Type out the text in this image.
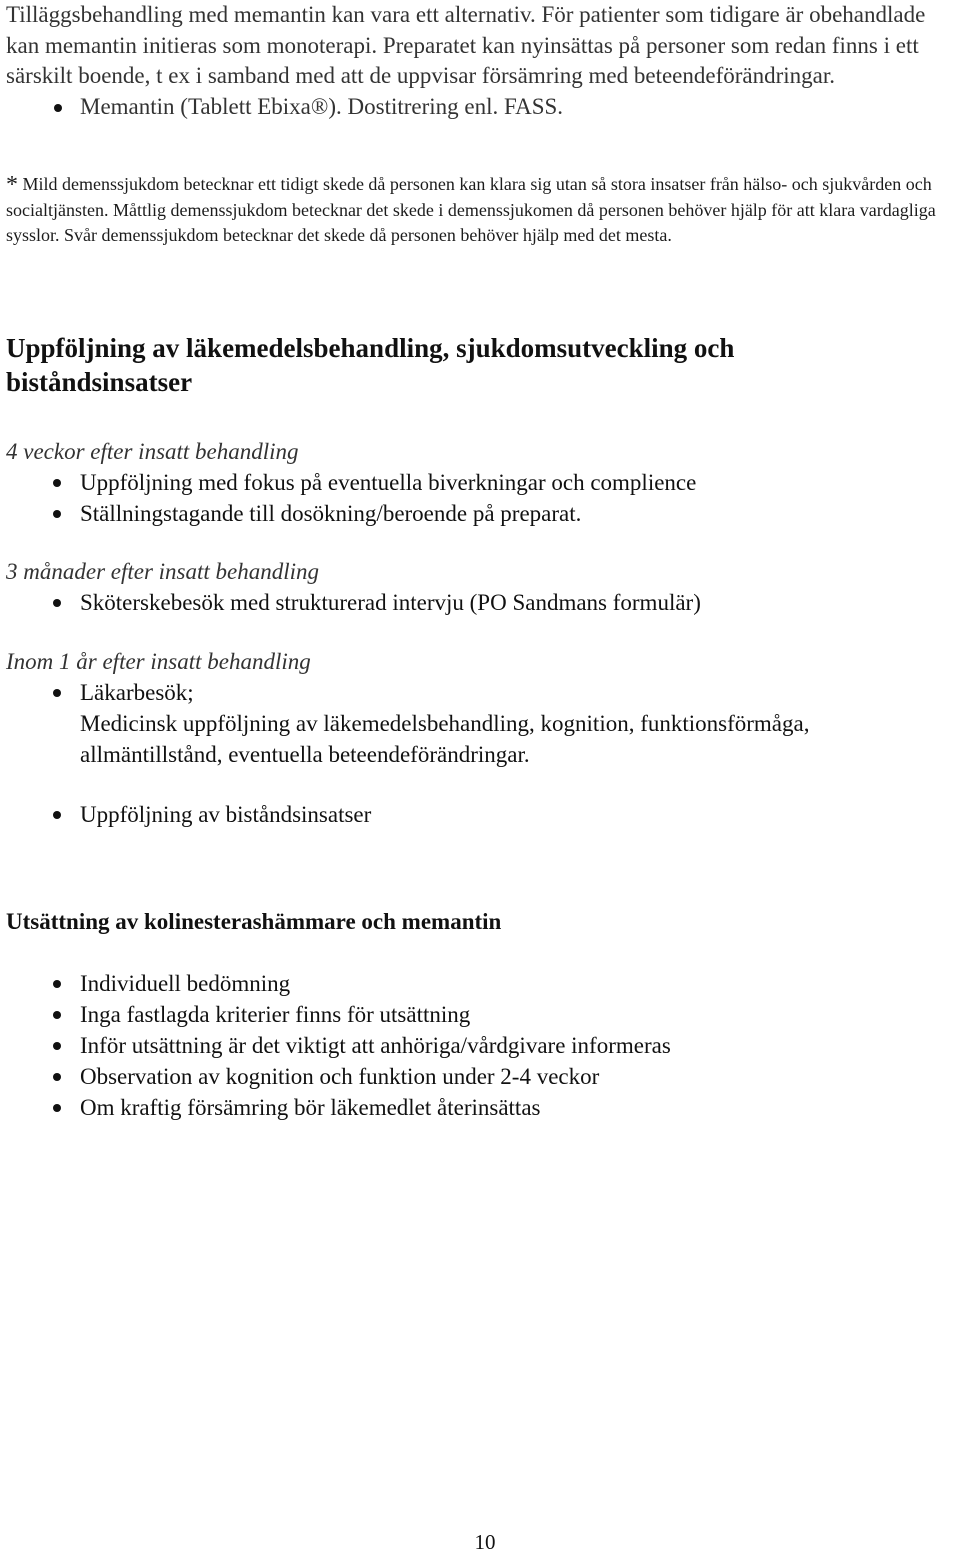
Tilläggsbehandling med memantin kan vara ett alternativ. För patienter som tidigare är obehandlade kan memantin initieras som monoterapi. Preparatet kan nyinsättas på personer som redan finns i ett särskilt boende, t ex i samband med att de uppvisar försämring med beteendeförändringar.

Memantin (Tablett Ebixa®). Dostitrering enl. FASS.

* Mild demenssjukdom betecknar ett tidigt skede då personen kan klara sig utan så stora insatser från hälso- och sjukvården och socialtjänsten. Måttlig demenssjukdom betecknar det skede i demenssjukomen då personen behöver hjälp för att klara vardagliga sysslor. Svår demenssjukdom betecknar det skede då personen behöver hjälp med det mesta.

Uppföljning av läkemedelsbehandling, sjukdomsutveckling och biståndsinsatser

4 veckor efter insatt behandling

Uppföljning med fokus på eventuella biverkningar och complience
Ställningstagande till dosökning/beroende på preparat.

3 månader efter insatt behandling

Sköterskebesök med strukturerad intervju (PO Sandmans formulär)

Inom 1 år efter insatt behandling

Läkarbesök;
Medicinsk uppföljning av läkemedelsbehandling, kognition, funktionsförmåga, allmäntillstånd, eventuella beteendeförändringar.
Uppföljning av biståndsinsatser
Utsättning av kolinesterashämmare och memantin
Individuell bedömning
Inga fastlagda kriterier finns för utsättning
Inför utsättning är det viktigt att anhöriga/vårdgivare informeras
Observation av kognition och funktion under 2-4 veckor
Om kraftig försämring bör läkemedlet återinsättas
10
